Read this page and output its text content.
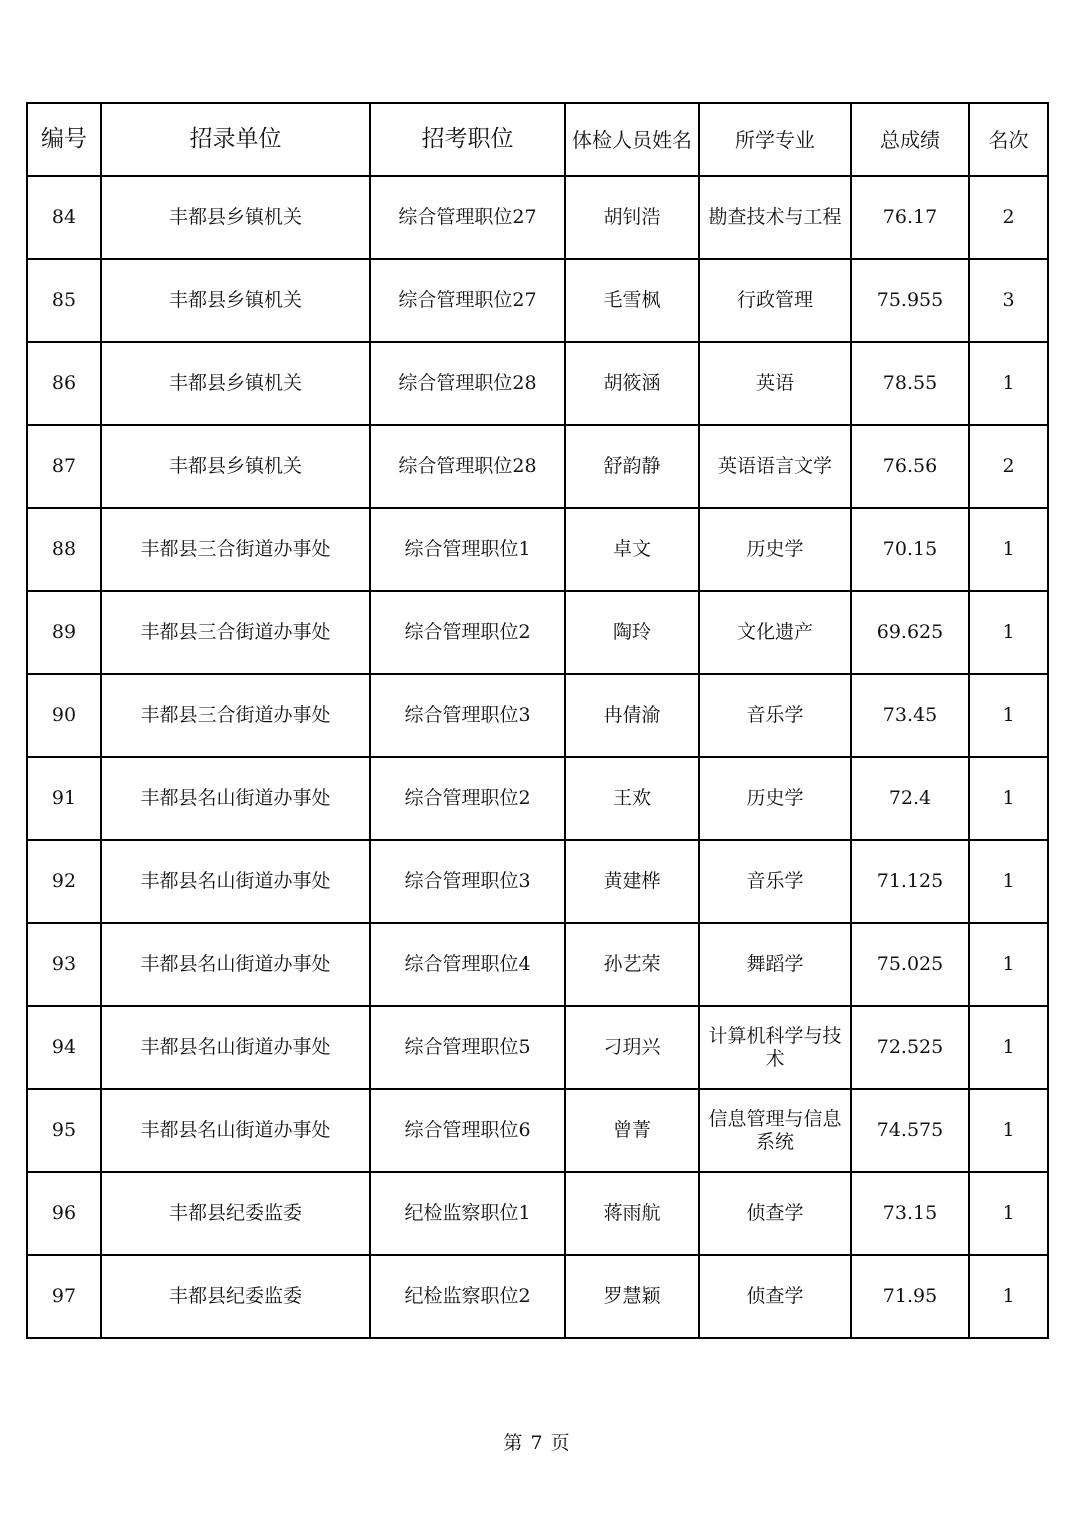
编号	招录单位	招考职位	体检人员姓名	所学专业	总成绩	名次
84	丰都县乡镇机关	综合管理职位27	胡钊浩	勘查技术与工程	76.17	2
85	丰都县乡镇机关	综合管理职位27	毛雪枫	行政管理	75.955	3
86	丰都县乡镇机关	综合管理职位28	胡筱涵	英语	78.55	1
87	丰都县乡镇机关	综合管理职位28	舒韵静	英语语言文学	76.56	2
88	丰都县三合街道办事处	综合管理职位1	卓文	历史学	70.15	1
89	丰都县三合街道办事处	综合管理职位2	陶玲	文化遗产	69.625	1
90	丰都县三合街道办事处	综合管理职位3	冉倩渝	音乐学	73.45	1
91	丰都县名山街道办事处	综合管理职位2	王欢	历史学	72.4	1
92	丰都县名山街道办事处	综合管理职位3	黄建桦	音乐学	71.125	1
93	丰都县名山街道办事处	综合管理职位4	孙艺荣	舞蹈学	75.025	1
94	丰都县名山街道办事处	综合管理职位5	刁玥兴	计算机科学与技术	72.525	1
95	丰都县名山街道办事处	综合管理职位6	曾菁	信息管理与信息系统	74.575	1
96	丰都县纪委监委	纪检监察职位1	蒋雨航	侦查学	73.15	1
97	丰都县纪委监委	纪检监察职位2	罗慧颖	侦查学	71.95	1
第 7 页
